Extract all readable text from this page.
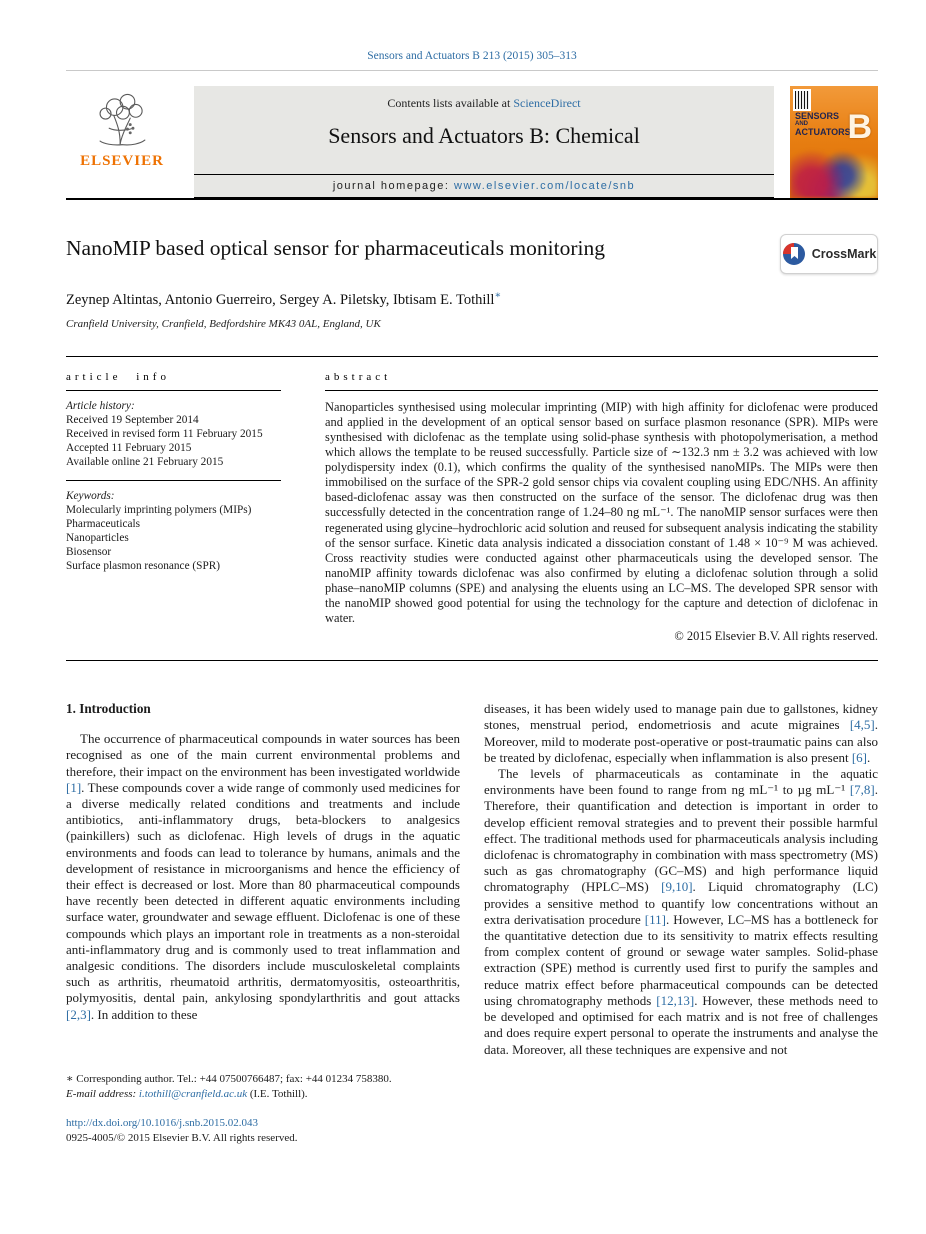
Sensors and Actuators B 213 (2015) 305–313
ELSEVIER
Contents lists available at ScienceDirect
Sensors and Actuators B: Chemical
journal homepage: www.elsevier.com/locate/snb
SENSORS
AND
ACTUATORS
B
NanoMIP based optical sensor for pharmaceuticals monitoring	CrossMark
Zeynep Altintas, Antonio Guerreiro, Sergey A. Piletsky, Ibtisam E. Tothill∗
Cranfield University, Cranfield, Bedfordshire MK43 0AL, England, UK
article info
Article history:
Received 19 September 2014
Received in revised form 11 February 2015
Accepted 11 February 2015
Available online 21 February 2015
Keywords:
Molecularly imprinting polymers (MIPs)
Pharmaceuticals
Nanoparticles
Biosensor
Surface plasmon resonance (SPR)
abstract
Nanoparticles synthesised using molecular imprinting (MIP) with high affinity for diclofenac were produced and applied in the development of an optical sensor based on surface plasmon resonance (SPR). MIPs were synthesised with diclofenac as the template using solid-phase synthesis with photopolymerisation, a method which allows the template to be reused successfully. Particle size of ∼132.3 nm ± 3.2 was achieved with low polydispersity index (0.1), which confirms the quality of the synthesised nanoMIPs. The MIPs were then immobilised on the surface of the SPR-2 gold sensor chips via covalent coupling using EDC/NHS. An affinity based-diclofenac assay was then constructed on the surface of the sensor. The diclofenac drug was then successfully detected in the concentration range of 1.24–80 ng mL⁻¹. The nanoMIP sensor surfaces were then regenerated using glycine–hydrochloric acid solution and reused for subsequent analysis indicating the stability of the sensor surface. Kinetic data analysis indicated a dissociation constant of 1.48 × 10⁻⁹ M was achieved. Cross reactivity studies were conducted against other pharmaceuticals using the developed sensor. The nanoMIP affinity towards diclofenac was also confirmed by eluting a diclofenac solution through a solid phase–nanoMIP columns (SPE) and analysing the eluents using an LC–MS. The developed SPR sensor with the nanoMIP showed good potential for using the technology for the capture and detection of diclofenac in water.
© 2015 Elsevier B.V. All rights reserved.
1. Introduction

The occurrence of pharmaceutical compounds in water sources has been recognised as one of the main current environmental problems and therefore, their impact on the environment has been investigated worldwide [1]. These compounds cover a wide range of commonly used medicines for a diverse medically related conditions and treatments and include antibiotics, anti-inflammatory drugs, beta-blockers to analgesics (painkillers) such as diclofenac. High levels of drugs in the aquatic environments and foods can lead to tolerance by humans, animals and the development of resistance in microorganisms and hence the efficiency of their effect is decreased or lost. More than 80 pharmaceutical compounds have recently been detected in different aquatic environments including surface water, groundwater and sewage effluent. Diclofenac is one of these compounds which plays an important role in treatments as a non-steroidal anti-inflammatory drug and is commonly used to treat inflammation and analgesic conditions. The disorders include musculoskeletal complaints such as arthritis, rheumatoid arthritis, dermatomyositis, osteoarthritis, polymyositis, dental pain, ankylosing spondylarthritis and gout attacks [2,3]. In addition to these

diseases, it has been widely used to manage pain due to gallstones, kidney stones, menstrual period, endometriosis and acute migraines [4,5]. Moreover, mild to moderate post-operative or post-traumatic pains can also be treated by diclofenac, especially when inflammation is also present [6].

The levels of pharmaceuticals as contaminate in the aquatic environments have been found to range from ng mL⁻¹ to µg mL⁻¹ [7,8]. Therefore, their quantification and detection is important in order to develop efficient removal strategies and to prevent their possible harmful effect. The traditional methods used for pharmaceuticals analysis including diclofenac is chromatography in combination with mass spectrometry (MS) such as gas chromatography (GC–MS) and high performance liquid chromatography (HPLC–MS) [9,10]. Liquid chromatography (LC) provides a sensitive method to quantify low concentrations without an extra derivatisation procedure [11]. However, LC–MS has a bottleneck for the quantitative detection due to its sensitivity to matrix effects resulting from complex content of ground or sewage water samples. Solid-phase extraction (SPE) method is currently used first to purify the samples and reduce matrix effect before pharmaceutical compounds can be detected using chromatography methods [12,13]. However, these methods need to be developed and optimised for each matrix and is not free of challenges and does require expert personal to operate the instruments and analyse the data. Moreover, all these techniques are expensive and not

∗ Corresponding author. Tel.: +44 07500766487; fax: +44 01234 758380.
E-mail address: i.tothill@cranfield.ac.uk (I.E. Tothill).
http://dx.doi.org/10.1016/j.snb.2015.02.043
0925-4005/© 2015 Elsevier B.V. All rights reserved.
